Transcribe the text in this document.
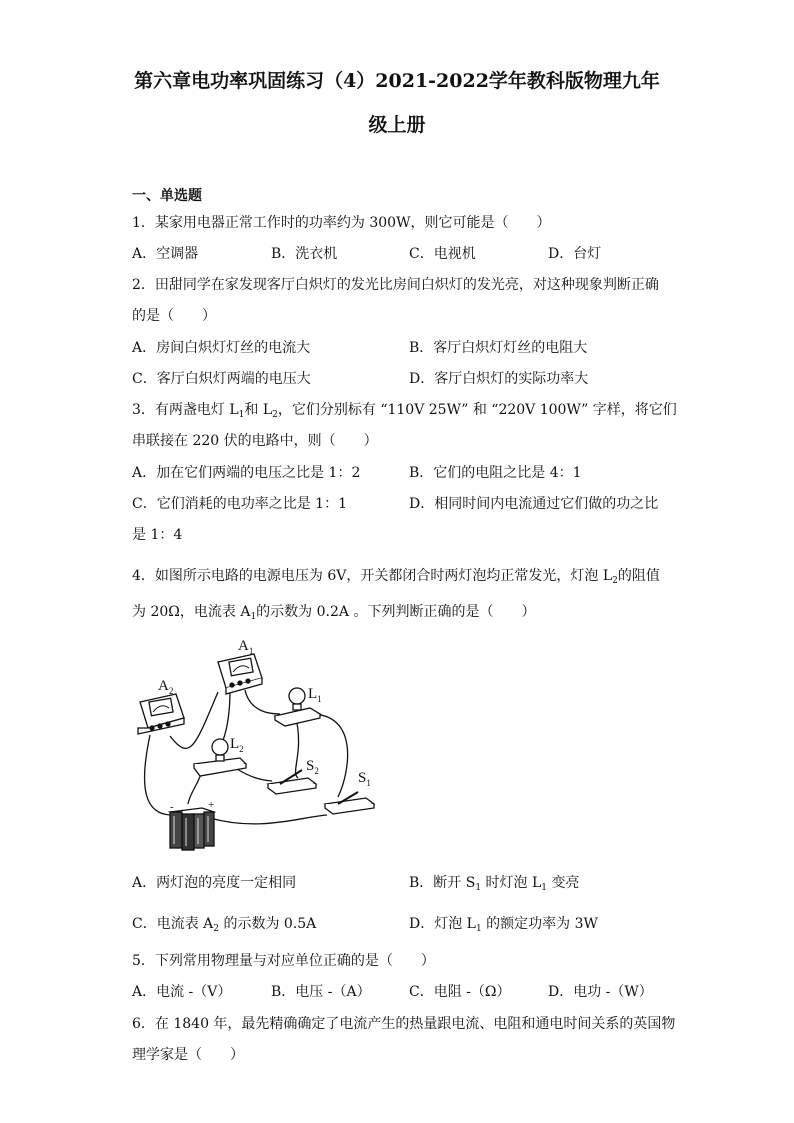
第六章电功率巩固练习（4）2021-2022学年教科版物理九年
级上册
一、单选题
1．某家用电器正常工作时的功率约为 300W，则它可能是（　　）
A．空调器	B．洗衣机	C．电视机	D．台灯
2．田甜同学在家发现客厅白炽灯的发光比房间白炽灯的发光亮，对这种现象判断正确
的是（　　）
A．房间白炽灯灯丝的电流大	B．客厅白炽灯灯丝的电阻大
C．客厅白炽灯两端的电压大	D．客厅白炽灯的实际功率大
3．有两盏电灯 $L_1$和 $L_2$，它们分别标有 “110V 25W” 和 “220V 100W” 字样，将它们
串联接在 220 伏的电路中，则（　　）
A．加在它们两端的电压之比是 1：2	B．它们的电阻之比是 4：1
C．它们消耗的电功率之比是 1：1	D．相同时间内电流通过它们做的功之比
是 1：4
4．如图所示电路的电源电压为 6V，开关都闭合时两灯泡均正常发光，灯泡 $L_2$的阻值
为 20Ω，电流表 $A_1$的示数为 0.2A 。下列判断正确的是（　　）
$A_1$
$A_2$	$L_1$
$L_2$
$S_2$	$S_1$
-	+
A．两灯泡的亮度一定相同	B．断开 $S_1$ 时灯泡 $L_1$ 变亮
C．电流表 $A_2$ 的示数为 0.5A	D．灯泡 $L_1$ 的额定功率为 3W
5．下列常用物理量与对应单位正确的是（　　）
A．电流 -（V）	B．电压 -（A）	C．电阻 -（Ω）	D．电功 -（W）
6．在 1840 年，最先精确确定了电流产生的热量跟电流、电阻和通电时间关系的英国物
理学家是（　　）
